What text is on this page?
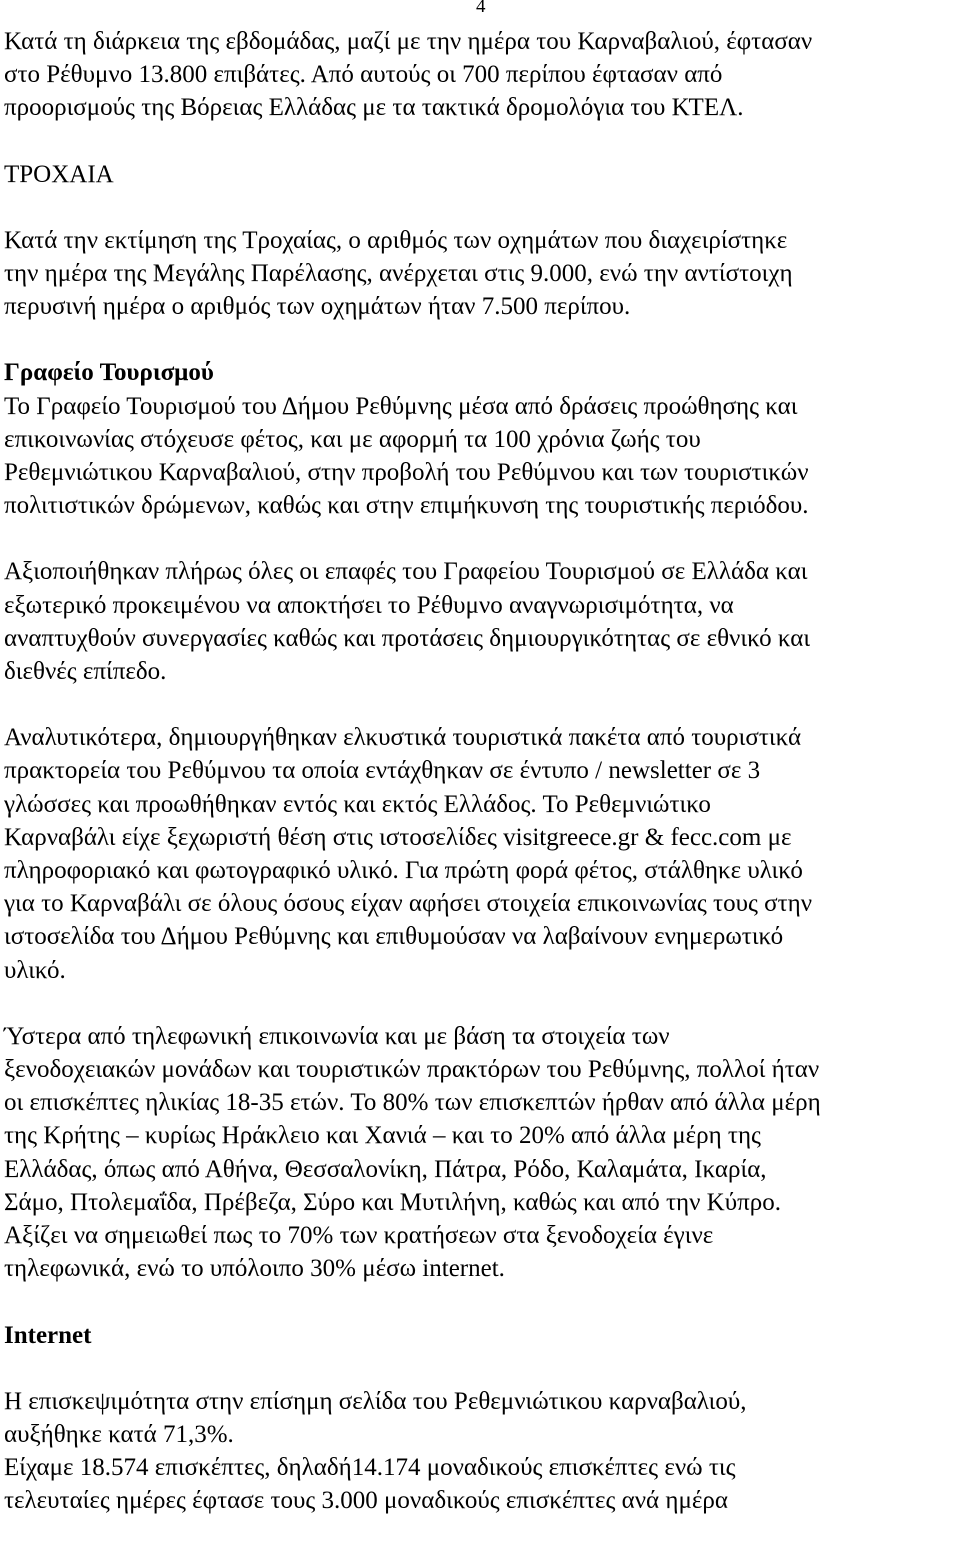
4

Κατά τη διάρκεια της εβδομάδας, μαζί με την ημέρα του Καρναβαλιού, έφτασαν
στο Ρέθυμνο 13.800 επιβάτες. Από αυτούς οι 700 περίπου έφτασαν από
προορισμούς της Βόρειας Ελλάδας με τα τακτικά δρομολόγια του ΚΤΕΛ.

ΤΡΟΧΑΙΑ

Κατά την εκτίμηση της Τροχαίας, ο αριθμός των οχημάτων που διαχειρίστηκε
την ημέρα της Μεγάλης Παρέλασης, ανέρχεται στις 9.000, ενώ την αντίστοιχη
περυσινή ημέρα ο αριθμός των οχημάτων ήταν 7.500 περίπου.

Γραφείο Τουρισμού
Το Γραφείο Τουρισμού του Δήμου Ρεθύμνης μέσα από δράσεις προώθησης και
επικοινωνίας στόχευσε φέτος, και με αφορμή τα 100 χρόνια ζωής του
Ρεθεμνιώτικου Καρναβαλιού, στην προβολή του Ρεθύμνου και των τουριστικών
πολιτιστικών δρώμενων, καθώς και στην επιμήκυνση της τουριστικής περιόδου.

Αξιοποιήθηκαν πλήρως όλες οι επαφές του Γραφείου Τουρισμού σε Ελλάδα και
εξωτερικό προκειμένου να αποκτήσει το Ρέθυμνο αναγνωρισιμότητα, να
αναπτυχθούν συνεργασίες καθώς και προτάσεις δημιουργικότητας σε εθνικό και
διεθνές επίπεδο.

Αναλυτικότερα, δημιουργήθηκαν ελκυστικά τουριστικά πακέτα από τουριστικά
πρακτορεία του Ρεθύμνου τα οποία εντάχθηκαν σε έντυπο / newsletter σε 3
γλώσσες και προωθήθηκαν εντός και εκτός Ελλάδος. Το Ρεθεμνιώτικο
Καρναβάλι είχε ξεχωριστή θέση στις ιστοσελίδες visitgreece.gr & fecc.com με
πληροφοριακό και φωτογραφικό υλικό. Για πρώτη φορά φέτος, στάλθηκε υλικό
για το Καρναβάλι σε όλους όσους είχαν αφήσει στοιχεία επικοινωνίας τους στην
ιστοσελίδα του Δήμου Ρεθύμνης και επιθυμούσαν να λαβαίνουν ενημερωτικό
υλικό.

Ύστερα από τηλεφωνική επικοινωνία και με βάση τα στοιχεία των
ξενοδοχειακών μονάδων και τουριστικών πρακτόρων του Ρεθύμνης, πολλοί ήταν
οι επισκέπτες ηλικίας 18-35 ετών. Το 80% των επισκεπτών ήρθαν από άλλα μέρη
της Κρήτης – κυρίως Ηράκλειο και Χανιά – και το 20% από άλλα μέρη της
Ελλάδας, όπως από Αθήνα, Θεσσαλονίκη, Πάτρα, Ρόδο, Καλαμάτα, Ικαρία,
Σάμο, Πτολεμαΐδα, Πρέβεζα, Σύρο και Μυτιλήνη, καθώς και από την Κύπρο.
Αξίζει να σημειωθεί πως το 70% των κρατήσεων στα ξενοδοχεία έγινε
τηλεφωνικά, ενώ το υπόλοιπο 30% μέσω internet.

Internet

Η επισκεψιμότητα στην επίσημη σελίδα του Ρεθεμνιώτικου καρναβαλιού,
αυξήθηκε κατά 71,3%.

Είχαμε 18.574 επισκέπτες, δηλαδή14.174 μοναδικούς επισκέπτες ενώ τις
τελευταίες ημέρες έφτασε τους 3.000 μοναδικούς επισκέπτες ανά ημέρα
